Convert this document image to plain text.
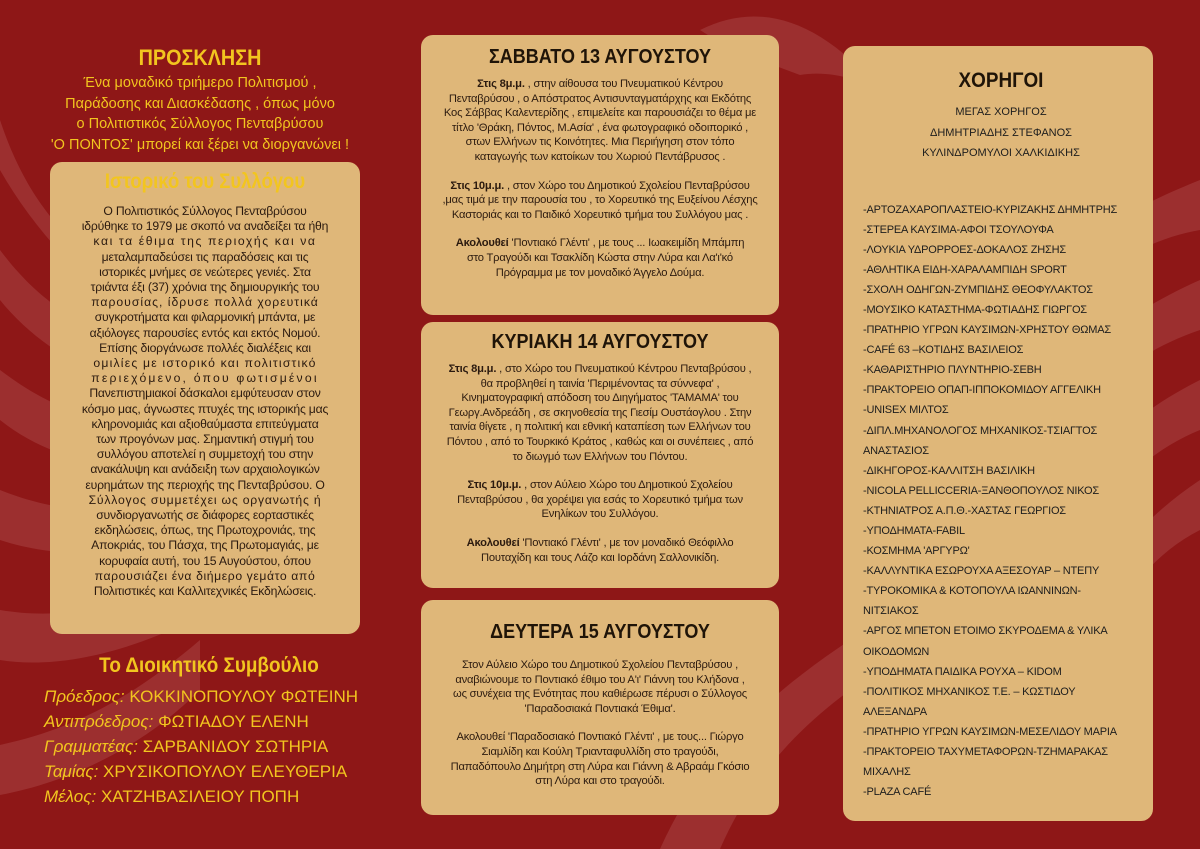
ΠΡΟΣΚΛΗΣΗ
Ένα μοναδικό τριήμερο Πολιτισμού ,
Παράδοσης και Διασκέδασης , όπως μόνο
ο Πολιτιστικός Σύλλογος Πενταβρύσου
'Ο ΠΟΝΤΟΣ' μπορεί και ξέρει να διοργανώνει !
Ιστορικό του Συλλόγου
Ο Πολιτιστικός Σύλλογος Πενταβρύσου
ιδρύθηκε το 1979 με σκοπό να αναδείξει τα ήθη
και τα έθιμα της περιοχής και να
μεταλαμπαδεύσει τις παραδόσεις και τις
ιστορικές μνήμες σε νεώτερες γενιές. Στα
τριάντα έξι (37) χρόνια της δημιουργικής του
παρουσίας, ίδρυσε πολλά χορευτικά
συγκροτήματα και φιλαρμονική μπάντα, με
αξιόλογες παρουσίες εντός και εκτός Νομού.
Επίσης διοργάνωσε πολλές διαλέξεις και
ομιλίες με ιστορικό και πολιτιστικό
περιεχόμενο, όπου φωτισμένοι
Πανεπιστημιακοί δάσκαλοι εμφύτευσαν στον
κόσμο μας, άγνωστες πτυχές της ιστορικής μας
κληρονομιάς και αξιοθαύμαστα επιτεύγματα
των προγόνων μας. Σημαντική στιγμή του
συλλόγου αποτελεί η συμμετοχή του στην
ανακάλυψη και ανάδειξη των αρχαιολογικών
ευρημάτων της περιοχής της Πενταβρύσου. Ο
Σύλλογος συμμετέχει ως οργανωτής ή
συνδιοργανωτής σε διάφορες εορταστικές
εκδηλώσεις, όπως, της Πρωτοχρονιάς, της
Αποκριάς, του Πάσχα, της Πρωτομαγιάς, με
κορυφαία αυτή, του 15 Αυγούστου, όπου
παρουσιάζει ένα διήμερο γεμάτο από
Πολιτιστικές και Καλλιτεχνικές Εκδηλώσεις.
Το Διοικητικό Συμβούλιο
Πρόεδρος: ΚΟΚΚΙΝΟΠΟΥΛΟΥ ΦΩΤΕΙΝΗ
Αντιπρόεδρος: ΦΩΤΙΑΔΟΥ ΕΛΕΝΗ
Γραμματέας: ΣΑΡΒΑΝΙΔΟΥ ΣΩΤΗΡΙΑ
Ταμίας: ΧΡΥΣΙΚΟΠΟΥΛΟΥ ΕΛΕΥΘΕΡΙΑ
Μέλος: ΧΑΤΖΗΒΑΣΙΛΕΙΟΥ ΠΟΠΗ
ΣΑΒΒΑΤΟ 13 ΑΥΓΟΥΣΤΟΥ
Στις 8μ.μ. , στην αίθουσα του Πνευματικού Κέντρου
Πενταβρύσου , ο Απόστρατος Αντισυνταγματάρχης και Εκδότης
Κος Σάββας Καλεντερίδης , επιμελείτε και παρουσιάζει το θέμα με
τίτλο 'Θράκη, Πόντος, Μ.Ασία' , ένα φωτογραφικό οδοιπορικό ,
στων Ελλήνων τις Κοινότητες. Μια Περιήγηση στον τόπο
καταγωγής των κατοίκων του Χωριού Πεντάβρυσος .
Στις 10μ.μ. , στον Χώρο του Δημοτικού Σχολείου Πενταβρύσου
,μας τιμά με την παρουσία του , το Χορευτικό της Ευξείνου Λέσχης
Καστοριάς και το Παιδικό Χορευτικό τμήμα του Συλλόγου μας .
Ακολουθεί 'Ποντιακό Γλέντι' , με τους ... Ιωακειμίδη Μπάμπη
στο Τραγούδι και Τσακλίδη Κώστα στην Λύρα και Λα'ι'κό
Πρόγραμμα με τον μοναδικό Άγγελο Δούμα.
ΚΥΡΙΑΚΗ 14 ΑΥΓΟΥΣΤΟΥ
Στις 8μ.μ. , στο Χώρο του Πνευματικού Κέντρου Πενταβρύσου ,
θα προβληθεί η ταινία 'Περιμένοντας τα σύννεφα' ,
Κινηματογραφική απόδοση του Διηγήματος 'ΤΑΜΑΜΑ' του
Γεωργ.Ανδρεάδη , σε σκηνοθεσία της Γιεσίμ Ουστάογλου . Στην
ταινία θίγετε , η πολιτική και εθνική καταπίεση των Ελλήνων του
Πόντου , από το Τουρκικό Κράτος , καθώς και οι συνέπειες , από
το διωγμό των Ελλήνων του Πόντου.
Στις 10μ.μ. , στον Αύλειο Χώρο του Δημοτικού Σχολείου
Πενταβρύσου , θα χορέψει για εσάς το Χορευτικό τμήμα των
Ενηλίκων του Συλλόγου.
Ακολουθεί 'Ποντιακό Γλέντι' , με τον μοναδικό Θεόφιλλο
Πουταχίδη και τους Λάζο και Ιορδάνη Σαλλονικίδη.
ΔΕΥΤΕΡΑ 15 ΑΥΓΟΥΣΤΟΥ
Στον Αύλειο Χώρο του Δημοτικού Σχολείου Πενταβρύσου ,
αναβιώνουμε το Ποντιακό έθιμο του Α'ι' Γιάννη του Κλήδονα ,
ως συνέχεια της Ενότητας που καθιέρωσε πέρυσι ο Σύλλογος
'Παραδοσιακά Ποντιακά Έθιμα'.
Ακολουθεί 'Παραδοσιακό Ποντιακό Γλέντι' , με τους... Γιώργο
Σιαμλίδη και Κούλη Τριανταφυλλίδη στο τραγούδι,
Παπαδόπουλο Δημήτρη στη Λύρα και Γιάννη & Αβραάμ Γκόσιο
στη Λύρα και στο τραγούδι.
ΧΟΡΗΓΟΙ
ΜΕΓΑΣ ΧΟΡΗΓΟΣ
ΔΗΜΗΤΡΙΑΔΗΣ ΣΤΕΦΑΝΟΣ
ΚΥΛΙΝΔΡΟΜΥΛΟΙ ΧΑΛΚΙΔΙΚΗΣ
-ΑΡΤΟΖΑΧΑΡΟΠΛΑΣΤΕΙΟ-ΚΥΡΙΖΑΚΗΣ ΔΗΜΗΤΡΗΣ
-ΣΤΕΡΕΑ ΚΑΥΣΙΜΑ-ΑΦΟΙ ΤΣΟΥΛΟΥΦΑ
-ΛΟΥΚΙΑ ΥΔΡΟΡΡΟΕΣ-ΔΟΚΑΛΟΣ ΖΗΣΗΣ
-ΑΘΛΗΤΙΚΑ ΕΙΔΗ-ΧΑΡΑΛΑΜΠΙΔΗ SPORT
-ΣΧΟΛΗ ΟΔΗΓΩΝ-ΖΥΜΠΙΔΗΣ ΘΕΟΦΥΛΑΚΤΟΣ
-ΜΟΥΣΙΚΟ ΚΑΤΑΣΤΗΜΑ-ΦΩΤΙΑΔΗΣ ΓΙΩΡΓΟΣ
-ΠΡΑΤΗΡΙΟ ΥΓΡΩΝ ΚΑΥΣΙΜΩΝ-ΧΡΗΣΤΟΥ ΘΩΜΑΣ
-CAFÉ 63 –ΚΟΤΙΔΗΣ ΒΑΣΙΛΕΙΟΣ
-ΚΑΘΑΡΙΣΤΗΡΙΟ ΠΛΥΝΤΗΡΙΟ-ΣΕΒΗ
-ΠΡΑΚΤΟΡΕΙΟ ΟΠΑΠ-ΙΠΠΟΚΟΜΙΔΟΥ ΑΓΓΕΛΙΚΗ
-UNISEX ΜΙΛΤΟΣ
-ΔΙΠΛ.ΜΗΧΑΝΟΛΟΓΟΣ ΜΗΧΑΝΙΚΟΣ-ΤΣΙΑΓΤΟΣ
ΑΝΑΣΤΑΣΙΟΣ
-ΔΙΚΗΓΟΡΟΣ-ΚΑΛΛΙΤΣΗ ΒΑΣΙΛΙΚΗ
-NICOLA PELLICCERIA-ΞΑΝΘΟΠΟΥΛΟΣ ΝΙΚΟΣ
-ΚΤΗΝΙΑΤΡΟΣ Α.Π.Θ.-ΧΑΣΤΑΣ ΓΕΩΡΓΙΟΣ
-ΥΠΟΔΗΜΑΤΑ-FABIL
-ΚΟΣΜΗΜΑ 'ΑΡΓΥΡΩ'
-ΚΑΛΛΥΝΤΙΚΑ ΕΣΩΡΟΥΧΑ ΑΞΕΣΟΥΑΡ – ΝΤΕΠΥ
-ΤΥΡΟΚΟΜΙΚΑ & ΚΟΤΟΠΟΥΛΑ ΙΩΑΝΝΙΝΩΝ-
ΝΙΤΣΙΑΚΟΣ
-ΑΡΓΟΣ ΜΠΕΤΟΝ ΕΤΟΙΜΟ ΣΚΥΡΟΔΕΜΑ & ΥΛΙΚΑ
ΟΙΚΟΔΟΜΩΝ
-ΥΠΟΔΗΜΑΤΑ ΠΑΙΔΙΚΑ ΡΟΥΧΑ – KIDOM
-ΠΟΛΙΤΙΚΟΣ ΜΗΧΑΝΙΚΟΣ Τ.Ε. – ΚΩΣΤΙΔΟΥ
ΑΛΕΞΑΝΔΡΑ
-ΠΡΑΤΗΡΙΟ ΥΓΡΩΝ ΚΑΥΣΙΜΩΝ-ΜΕΣΕΛΙΔΟΥ ΜΑΡΙΑ
-ΠΡΑΚΤΟΡΕΙΟ ΤΑΧΥΜΕΤΑΦΟΡΩΝ-ΤΖΗΜΑΡΑΚΑΣ
ΜΙΧΑΛΗΣ
-PLAZA CAFÉ
